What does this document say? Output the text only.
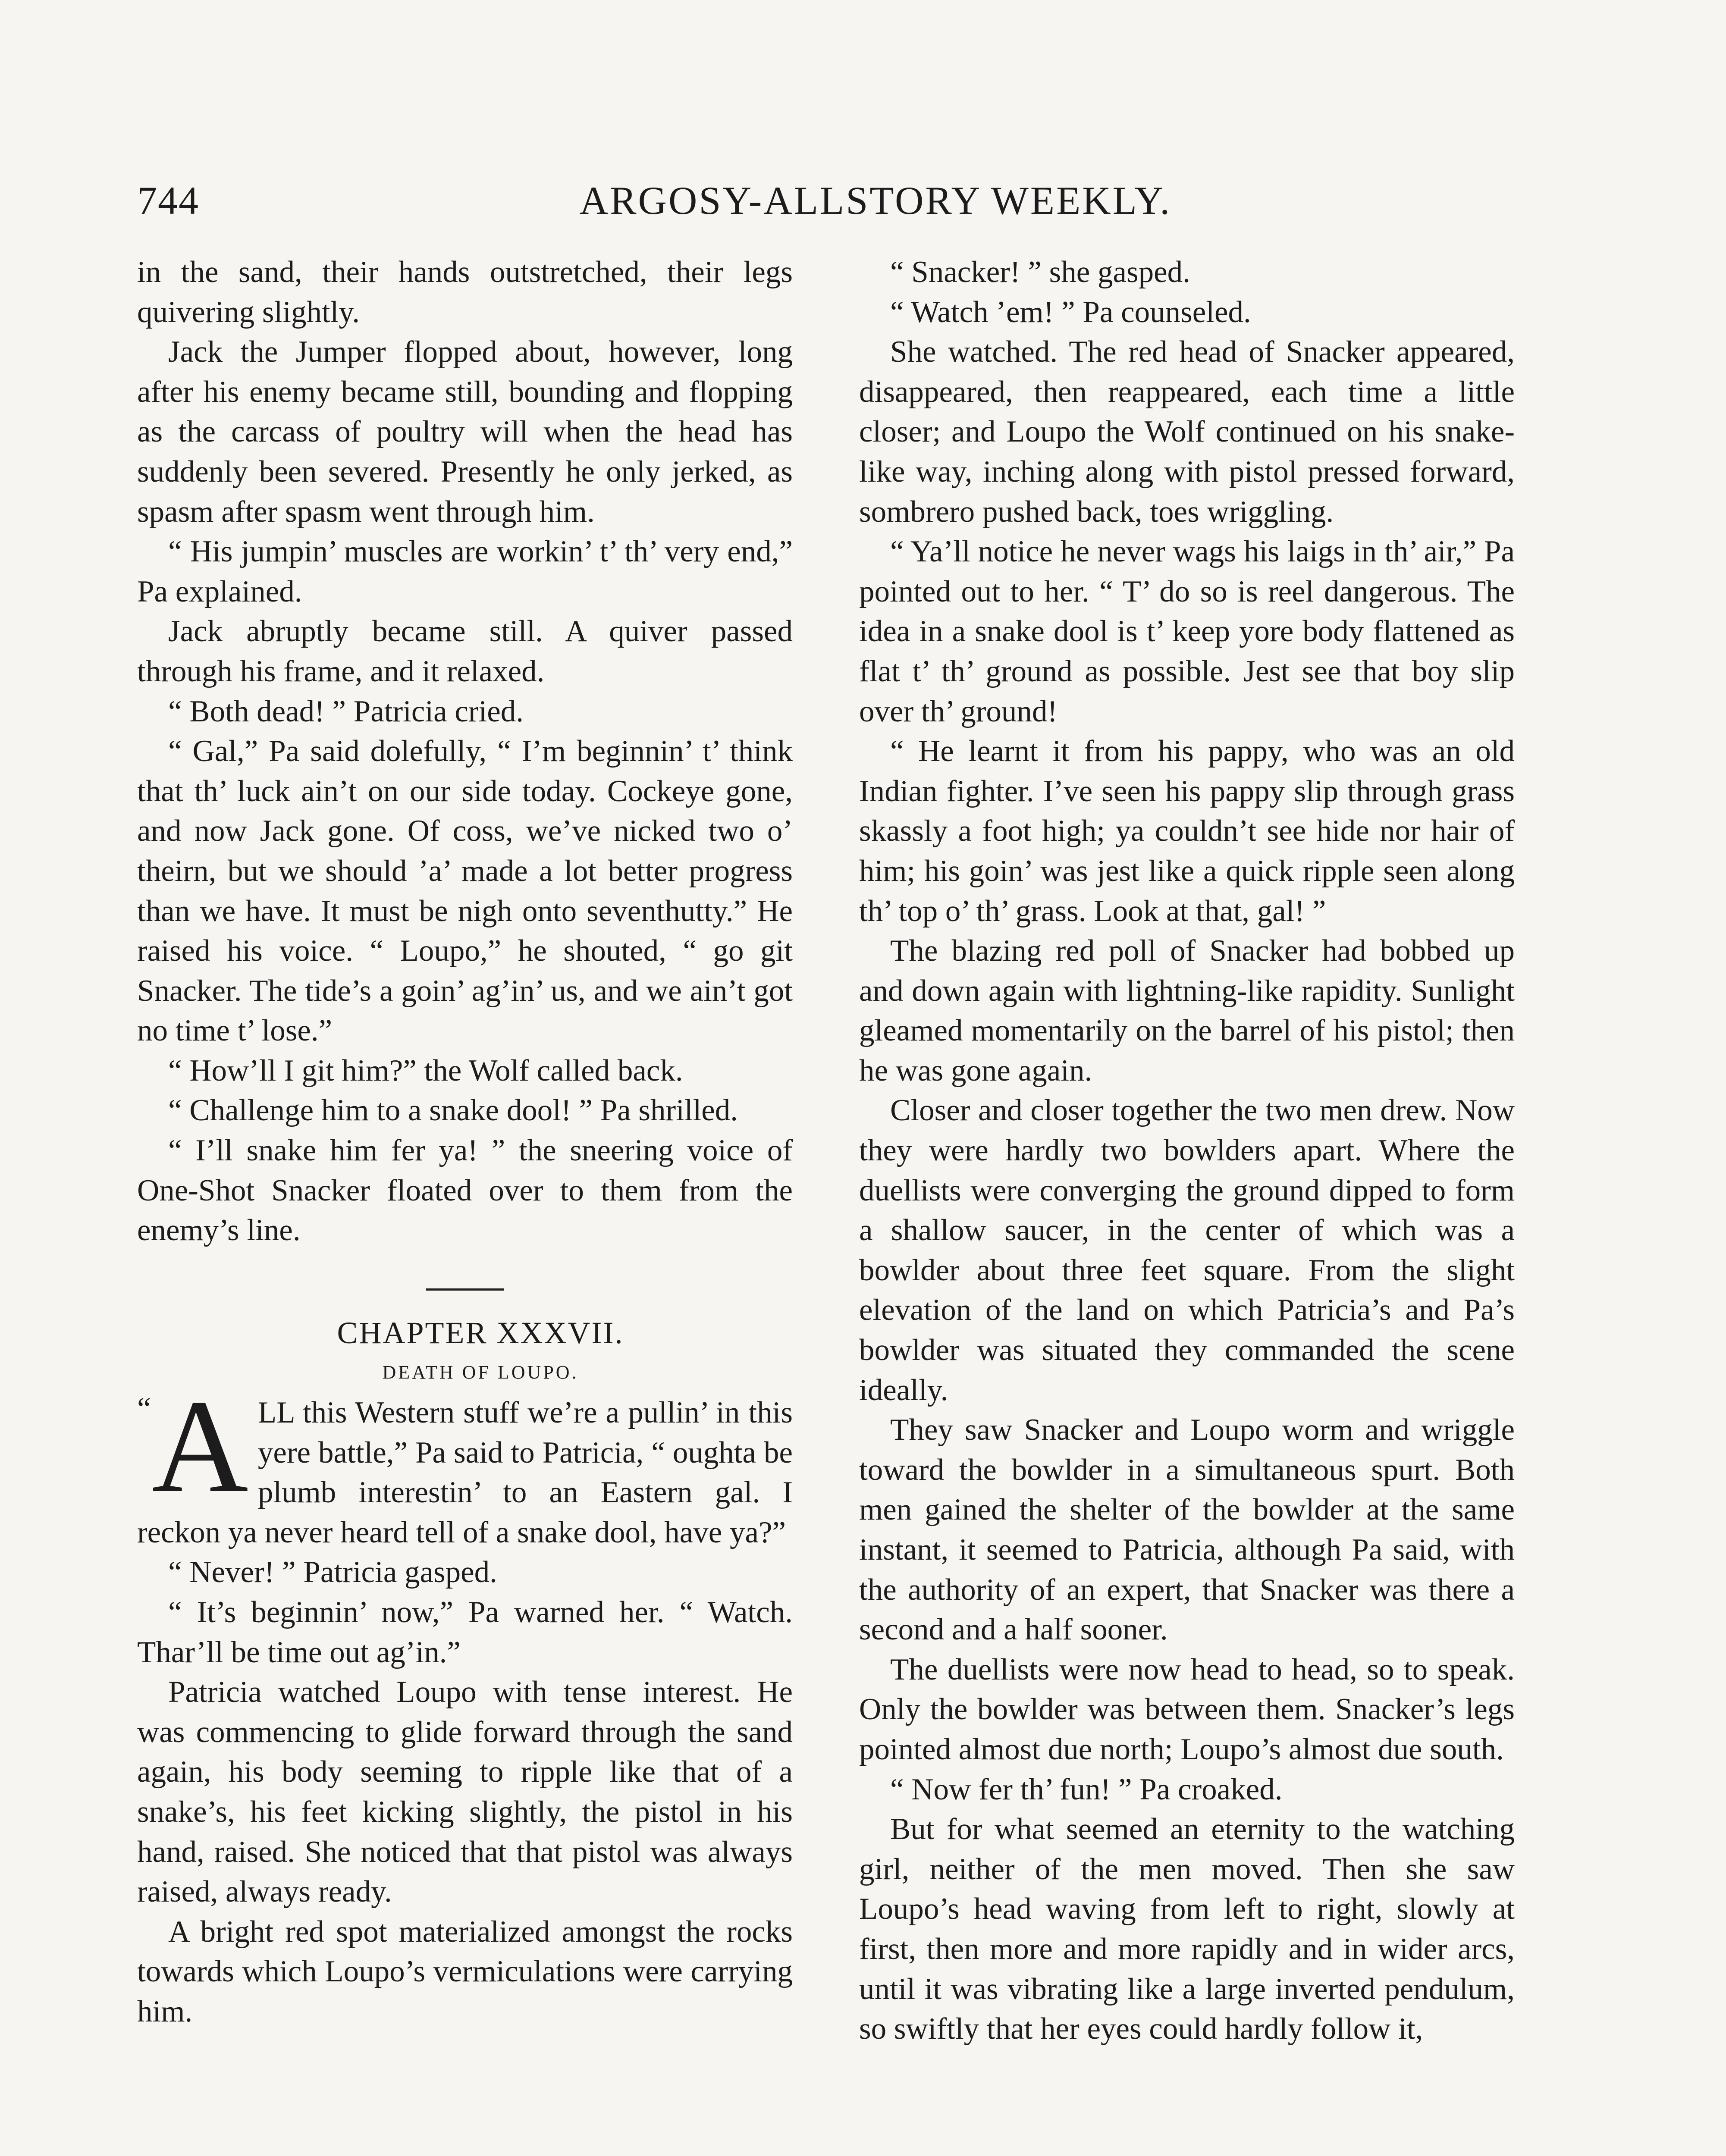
744	ARGOSY-ALLSTORY WEEKLY.

in the sand, their hands outstretched, their legs quivering slightly.

Jack the Jumper flopped about, however, long after his enemy became still, bounding and flopping as the carcass of poultry will when the head has suddenly been severed. Presently he only jerked, as spasm after spasm went through him.

“ His jumpin’ muscles are workin’ t’ th’ very end,” Pa explained.

Jack abruptly became still. A quiver passed through his frame, and it relaxed.

“ Both dead! ” Patricia cried.

“ Gal,” Pa said dolefully, “ I’m beginnin’ t’ think that th’ luck ain’t on our side today. Cockeye gone, and now Jack gone. Of coss, we’ve nicked two o’ theirn, but we should ’a’ made a lot better progress than we have. It must be nigh onto seventhutty.” He raised his voice. “ Loupo,” he shouted, “ go git Snacker. The tide’s a goin’ ag’in’ us, and we ain’t got no time t’ lose.”

“ How’ll I git him?” the Wolf called back.

“ Challenge him to a snake dool! ” Pa shrilled.

“ I’ll snake him fer ya! ” the sneering voice of One-Shot Snacker floated over to them from the enemy’s line.

CHAPTER XXXVII.

DEATH OF LOUPO.

“ A LL this Western stuff we’re a pullin’ in this yere battle,” Pa said to Patricia, “ oughta be plumb interestin’ to an Eastern gal. I reckon ya never heard tell of a snake dool, have ya?”

“ Never! ” Patricia gasped.

“ It’s beginnin’ now,” Pa warned her. “ Watch. Thar’ll be time out ag’in.”

Patricia watched Loupo with tense interest. He was commencing to glide forward through the sand again, his body seeming to ripple like that of a snake’s, his feet kicking slightly, the pistol in his hand, raised. She noticed that that pistol was always raised, always ready.

A bright red spot materialized amongst the rocks towards which Loupo’s vermiculations were carrying him.

“ Snacker! ” she gasped.

“ Watch ’em! ” Pa counseled.

She watched. The red head of Snacker appeared, disappeared, then reappeared, each time a little closer; and Loupo the Wolf continued on his snake-like way, inching along with pistol pressed forward, sombrero pushed back, toes wriggling.

“ Ya’ll notice he never wags his laigs in th’ air,” Pa pointed out to her. “ T’ do so is reel dangerous. The idea in a snake dool is t’ keep yore body flattened as flat t’ th’ ground as possible. Jest see that boy slip over th’ ground!

“ He learnt it from his pappy, who was an old Indian fighter. I’ve seen his pappy slip through grass skassly a foot high; ya couldn’t see hide nor hair of him; his goin’ was jest like a quick ripple seen along th’ top o’ th’ grass. Look at that, gal! ”

The blazing red poll of Snacker had bobbed up and down again with lightning-like rapidity. Sunlight gleamed momentarily on the barrel of his pistol; then he was gone again.

Closer and closer together the two men drew. Now they were hardly two bowlders apart. Where the duellists were converging the ground dipped to form a shallow saucer, in the center of which was a bowlder about three feet square. From the slight elevation of the land on which Patricia’s and Pa’s bowlder was situated they commanded the scene ideally.

They saw Snacker and Loupo worm and wriggle toward the bowlder in a simultaneous spurt. Both men gained the shelter of the bowlder at the same instant, it seemed to Patricia, although Pa said, with the authority of an expert, that Snacker was there a second and a half sooner.

The duellists were now head to head, so to speak. Only the bowlder was between them. Snacker’s legs pointed almost due north; Loupo’s almost due south.

“ Now fer th’ fun! ” Pa croaked.

But for what seemed an eternity to the watching girl, neither of the men moved. Then she saw Loupo’s head waving from left to right, slowly at first, then more and more rapidly and in wider arcs, until it was vibrating like a large inverted pendulum, so swiftly that her eyes could hardly follow it,
